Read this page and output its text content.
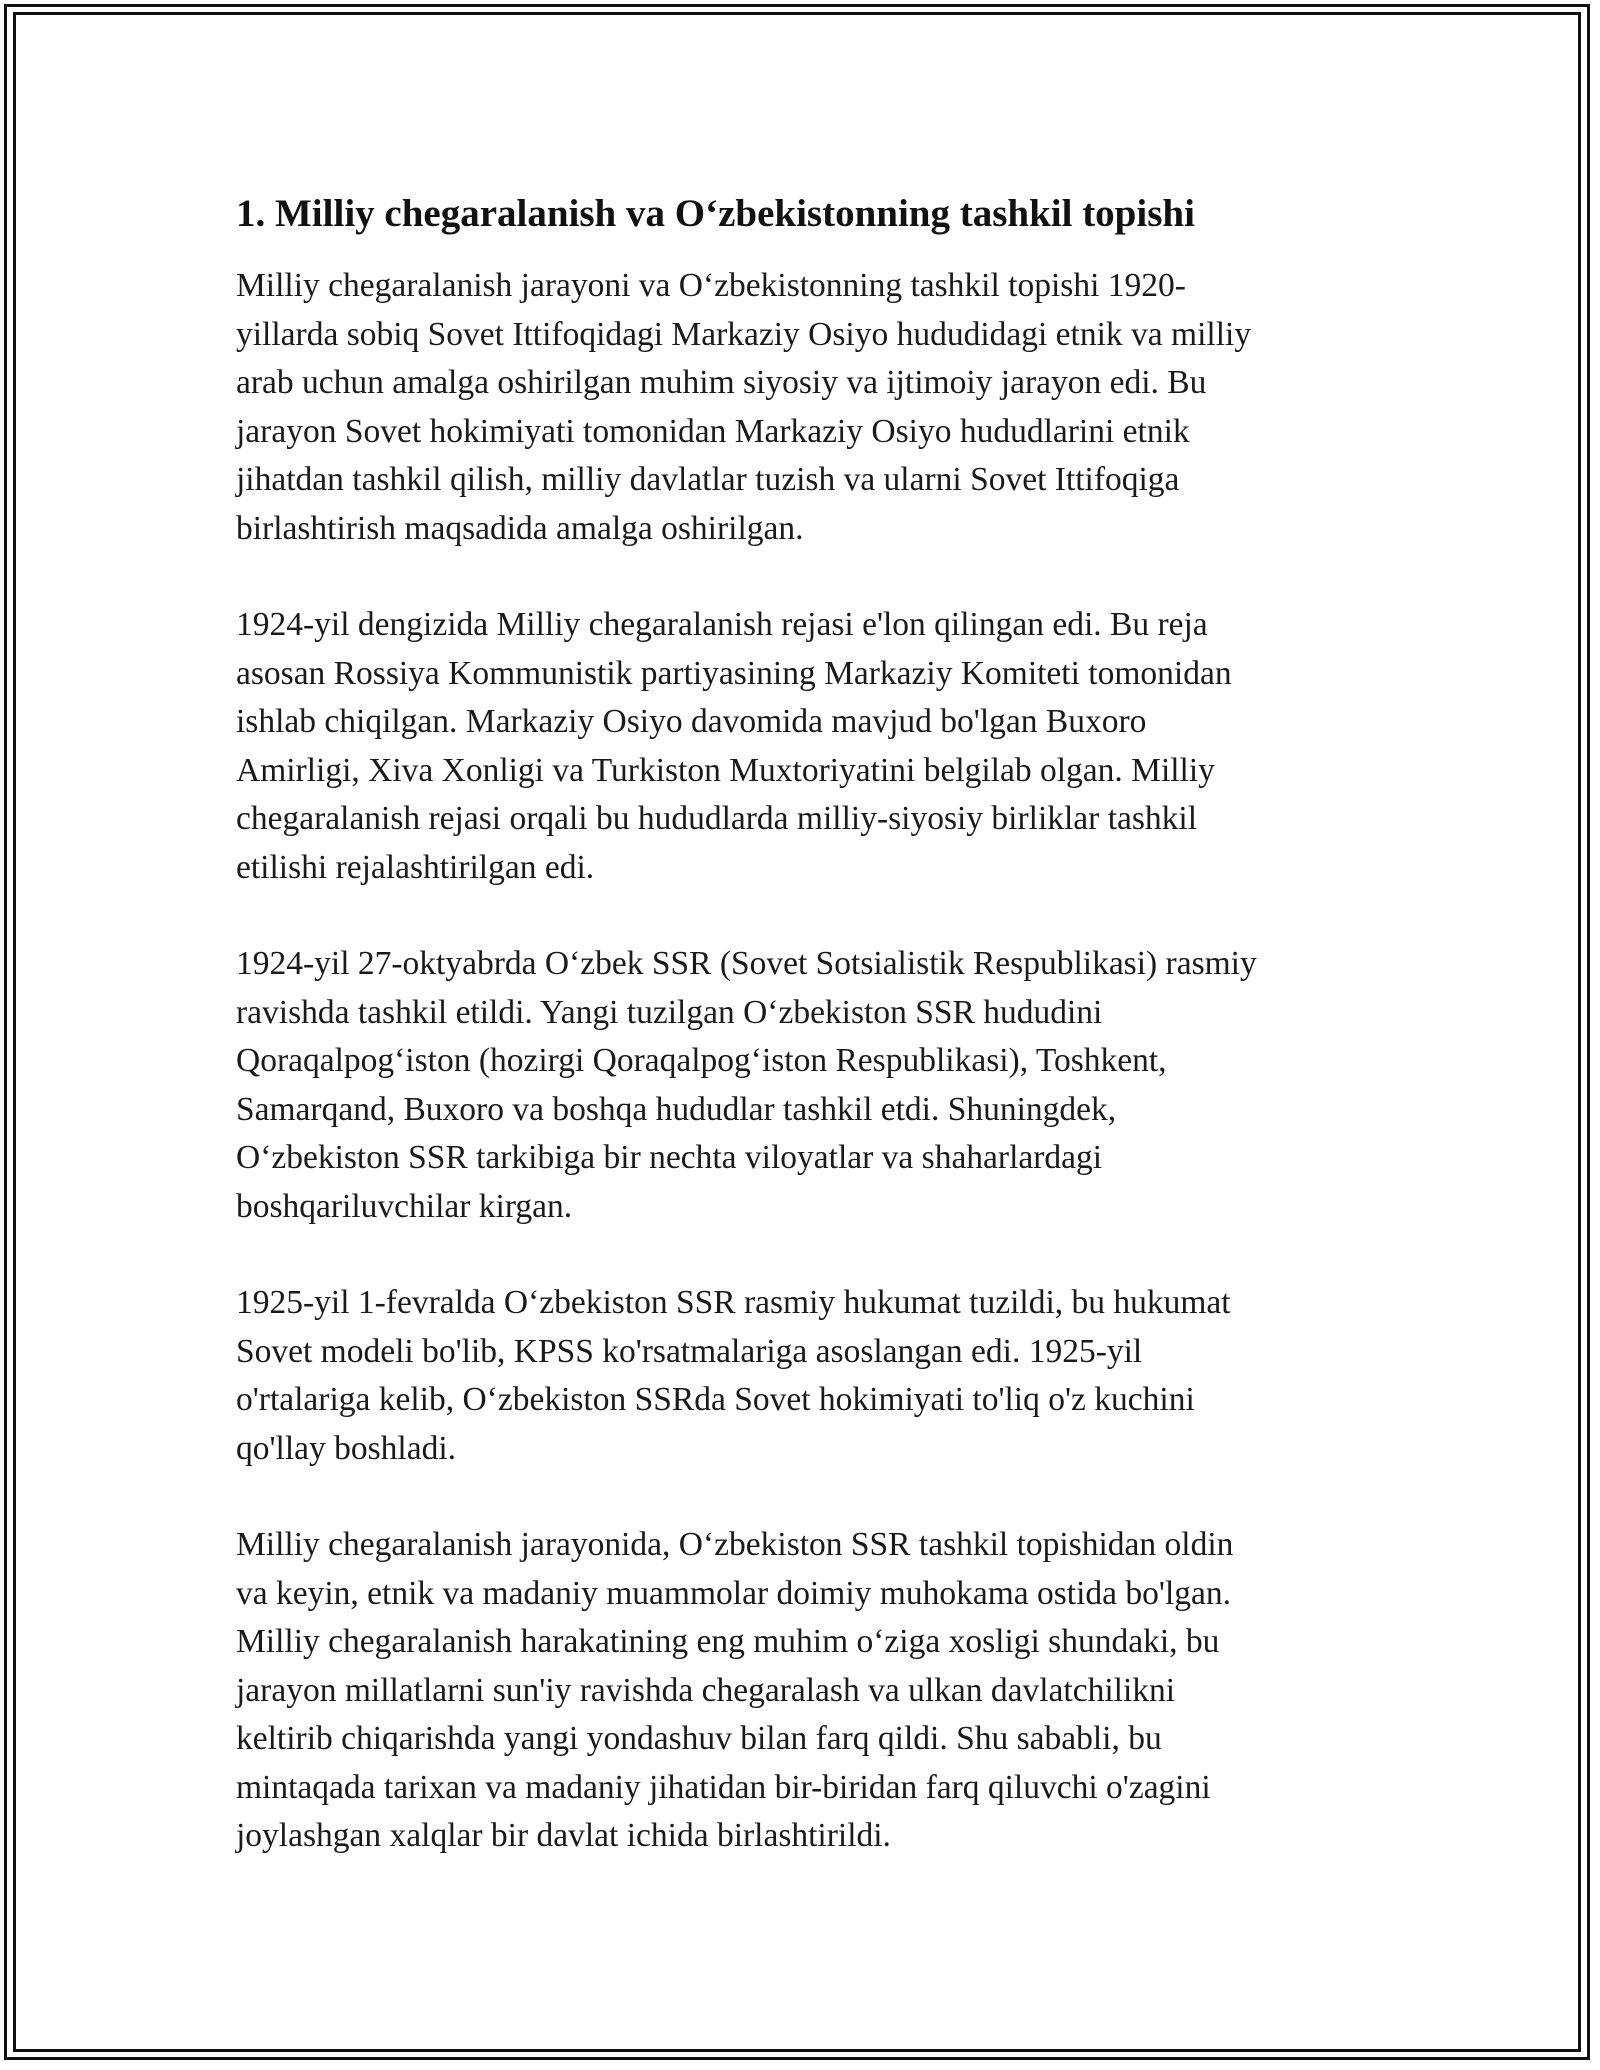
1. Milliy chegaralanish va O‘zbekistonning tashkil topishi

Milliy chegaralanish jarayoni va O‘zbekistonning tashkil topishi 1920-
yillarda sobiq Sovet Ittifoqidagi Markaziy Osiyo hududidagi etnik va milliy
arab uchun amalga oshirilgan muhim siyosiy va ijtimoiy jarayon edi. Bu
jarayon Sovet hokimiyati tomonidan Markaziy Osiyo hududlarini etnik
jihatdan tashkil qilish, milliy davlatlar tuzish va ularni Sovet Ittifoqiga
birlashtirish maqsadida amalga oshirilgan.

1924-yil dengizida Milliy chegaralanish rejasi e'lon qilingan edi. Bu reja
asosan Rossiya Kommunistik partiyasining Markaziy Komiteti tomonidan
ishlab chiqilgan. Markaziy Osiyo davomida mavjud bo'lgan Buxoro
Amirligi, Xiva Xonligi va Turkiston Muxtoriyatini belgilab olgan. Milliy
chegaralanish rejasi orqali bu hududlarda milliy-siyosiy birliklar tashkil
etilishi rejalashtirilgan edi.

1924-yil 27-oktyabrda O‘zbek SSR (Sovet Sotsialistik Respublikasi) rasmiy
ravishda tashkil etildi. Yangi tuzilgan O‘zbekiston SSR hududini
Qoraqalpog‘iston (hozirgi Qoraqalpog‘iston Respublikasi), Toshkent,
Samarqand, Buxoro va boshqa hududlar tashkil etdi. Shuningdek,
O‘zbekiston SSR tarkibiga bir nechta viloyatlar va shaharlardagi
boshqariluvchilar kirgan.

1925-yil 1-fevralda O‘zbekiston SSR rasmiy hukumat tuzildi, bu hukumat
Sovet modeli bo'lib, KPSS ko'rsatmalariga asoslangan edi. 1925-yil
o'rtalariga kelib, O‘zbekiston SSRda Sovet hokimiyati to'liq o'z kuchini
qo'llay boshladi.

Milliy chegaralanish jarayonida, O‘zbekiston SSR tashkil topishidan oldin
va keyin, etnik va madaniy muammolar doimiy muhokama ostida bo'lgan.
Milliy chegaralanish harakatining eng muhim o‘ziga xosligi shundaki, bu
jarayon millatlarni sun'iy ravishda chegaralash va ulkan davlatchilikni
keltirib chiqarishda yangi yondashuv bilan farq qildi. Shu sababli, bu
mintaqada tarixan va madaniy jihatidan bir-biridan farq qiluvchi o'zagini
joylashgan xalqlar bir davlat ichida birlashtirildi.
